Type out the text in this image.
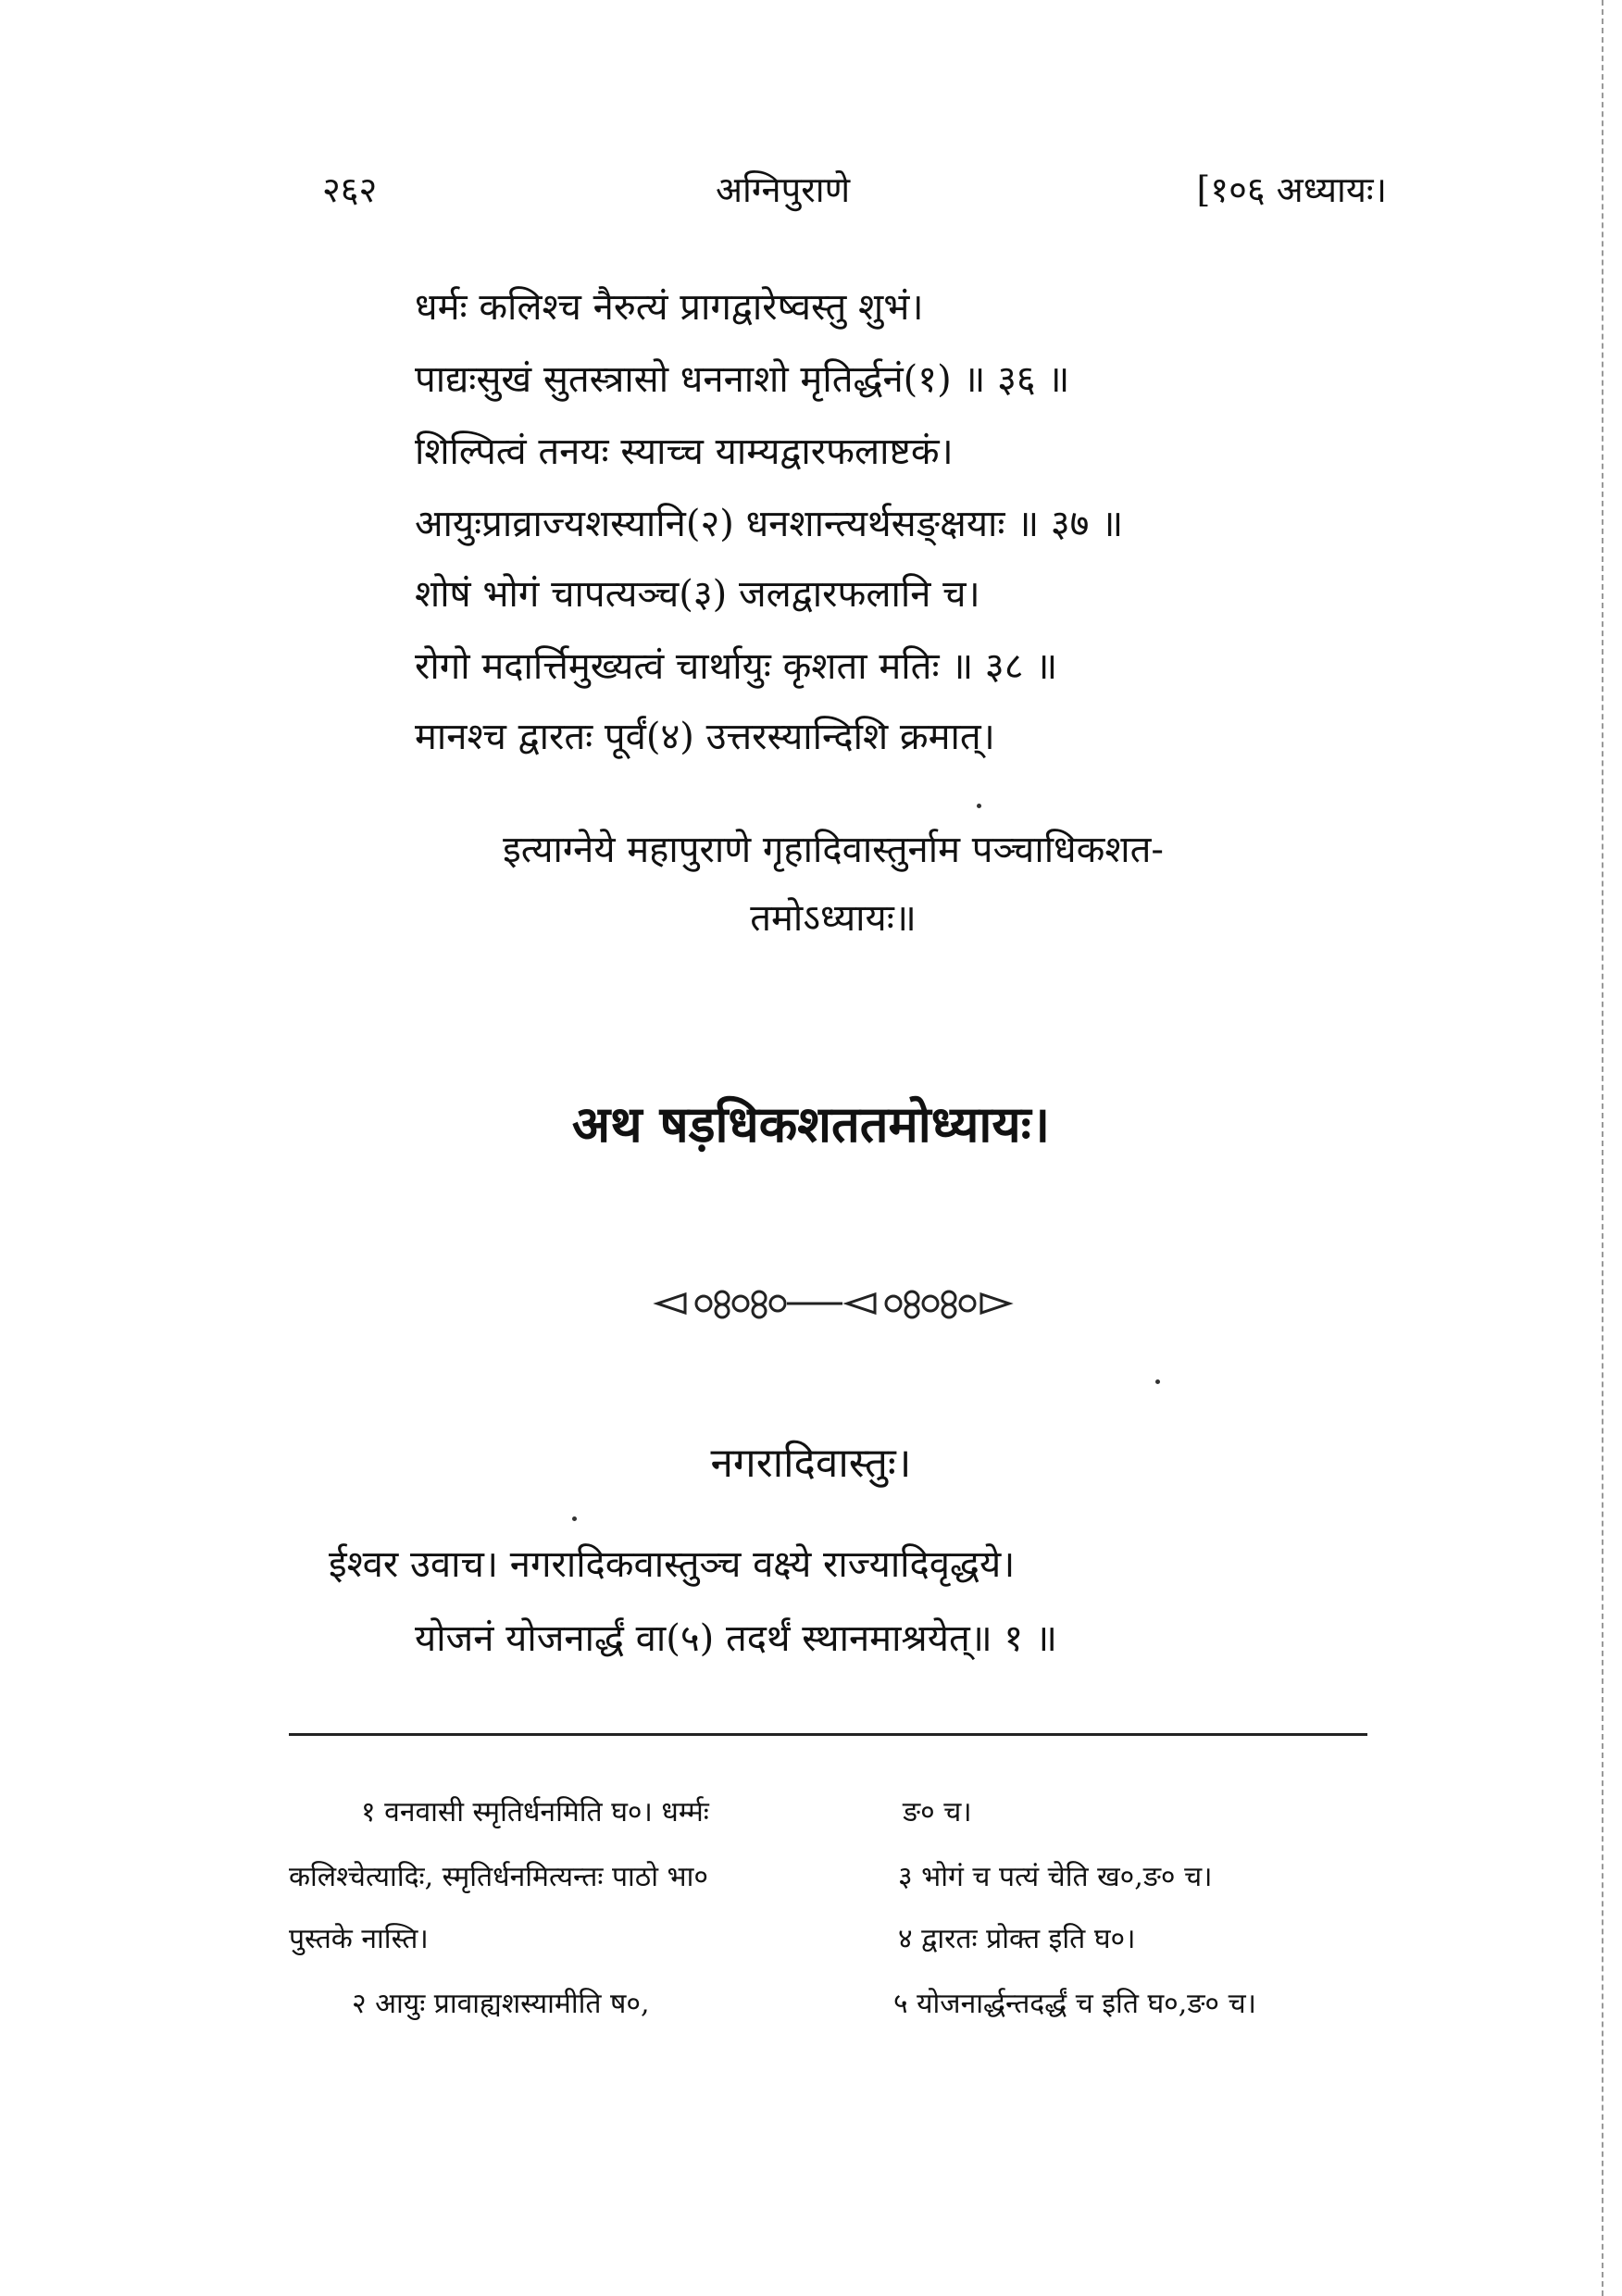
२६२	अग्निपुराणे	[१०६ अध्यायः।
धर्मः कलिश्च नैरुत्यं प्रागद्वारेष्वस्तु शुभं।
पाद्यःसुखं सुतस्त्रासो धननाशो मृतिर्द्धनं(१) ॥ ३६ ॥
शिल्पित्वं तनयः स्याच्च याम्यद्वारफलाष्टकं।
आयुःप्राव्राज्यशस्यानि(२) धनशान्त्यर्थसङ्क्षयाः ॥ ३७ ॥
शोषं भोगं चापत्यञ्च(३) जलद्वारफलानि च।
रोगो मदार्त्तिमुख्यत्वं चार्थायुः कृशता मतिः ॥ ३८ ॥
मानश्च द्वारतः पूर्वं(४) उत्तरस्यान्दिशि क्रमात्।
इत्याग्नेये महापुराणे गृहादिवास्तुर्नाम पञ्चाधिकशत-
तमोऽध्यायः॥
अथ षड़धिकशततमोध्यायः।
नगरादिवास्तुः।
ईश्वर उवाच। नगरादिकवास्तुञ्च वक्ष्ये राज्यादिवृद्धये।
योजनं योजनार्द्धं वा(५) तदर्थं स्थानमाश्रयेत्॥ १ ॥
१ वनवासी स्मृतिर्धनमिति घ०। धर्म्मः	ङ० च।
कलिश्चेत्यादिः, स्मृतिर्धनमित्यन्तः पाठो भा०	३ भोगं च पत्यं चेति ख०,ङ० च।
पुस्तके नास्ति।	४ द्वारतः प्रोक्त इति घ०।
२ आयुः प्रावाह्यशस्यामीति ष०,	५ योजनार्द्धन्तदर्द्धं च इति घ०,ङ० च।
